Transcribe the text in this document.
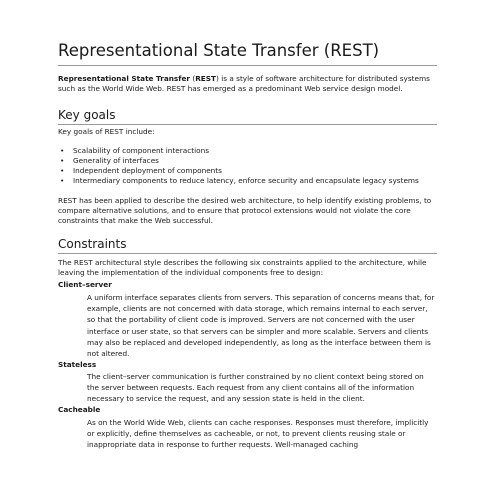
Representational State Transfer (REST)
Representational State Transfer (REST) is a style of software architecture for distributed systems such as the World Wide Web. REST has emerged as a predominant Web service design model.
Key goals
Key goals of REST include:
• Scalability of component interactions
• Generality of interfaces
• Independent deployment of components
• Intermediary components to reduce latency, enforce security and encapsulate legacy systems
REST has been applied to describe the desired web architecture, to help identify existing problems, to compare alternative solutions, and to ensure that protocol extensions would not violate the core constraints that make the Web successful.
Constraints
The REST architectural style describes the following six constraints applied to the architecture, while leaving the implementation of the individual components free to design:
Client–server
A uniform interface separates clients from servers. This separation of concerns means that, for example, clients are not concerned with data storage, which remains internal to each server, so that the portability of client code is improved. Servers are not concerned with the user interface or user state, so that servers can be simpler and more scalable. Servers and clients may also be replaced and developed independently, as long as the interface between them is not altered.
Stateless
The client–server communication is further constrained by no client context being stored on the server between requests. Each request from any client contains all of the information necessary to service the request, and any session state is held in the client.
Cacheable
As on the World Wide Web, clients can cache responses. Responses must therefore, implicitly or explicitly, define themselves as cacheable, or not, to prevent clients reusing stale or inappropriate data in response to further requests. Well-managed caching
